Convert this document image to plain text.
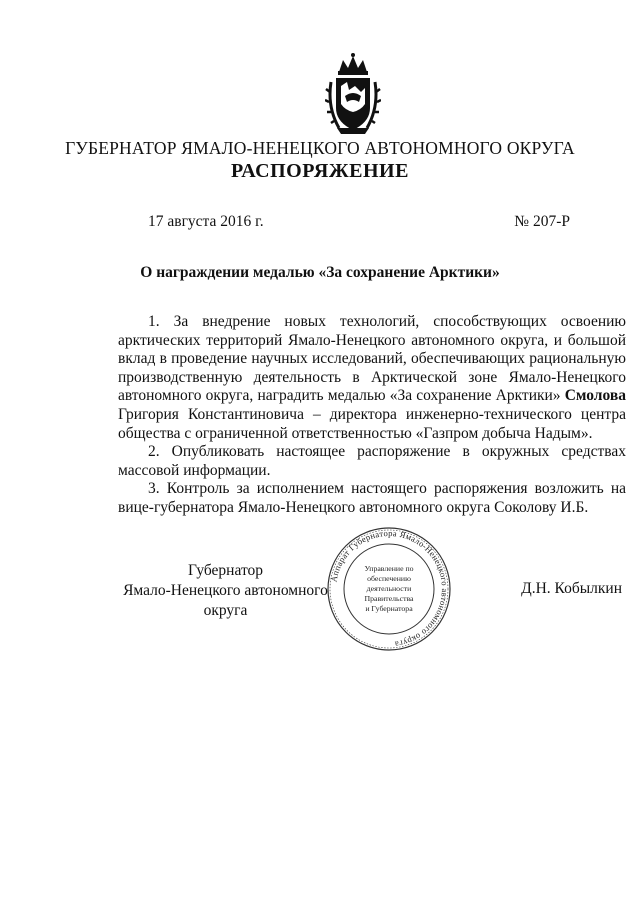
ГУБЕРНАТОР ЯМАЛО-НЕНЕЦКОГО АВТОНОМНОГО ОКРУГА
РАСПОРЯЖЕНИЕ
17 августа 2016 г.	№ 207-Р
О награждении медалью «За сохранение Арктики»

1. За внедрение новых технологий, способствующих освоению арктических территорий Ямало-Ненецкого автономного округа, и большой вклад в проведение научных исследований, обеспечивающих рациональную производственную деятельность в Арктической зоне Ямало-Ненецкого автономного округа, наградить медалью «За сохранение Арктики» Смолова Григория Константиновича – директора инженерно-технического центра общества с ограниченной ответственностью «Газпром добыча Надым».

2. Опубликовать настоящее распоряжение в окружных средствах массовой информации.

3. Контроль за исполнением настоящего распоряжения возложить на вице-губернатора Ямало-Ненецкого автономного округа Соколову И.Б.

Губернатор
Ямало-Ненецкого автономного округа
Аппарат Губернатора Ямало-Ненецкого автономного округа
Управление по
обеспечению
деятельности
Правительства
и Губернатора
Д.Н. Кобылкин
